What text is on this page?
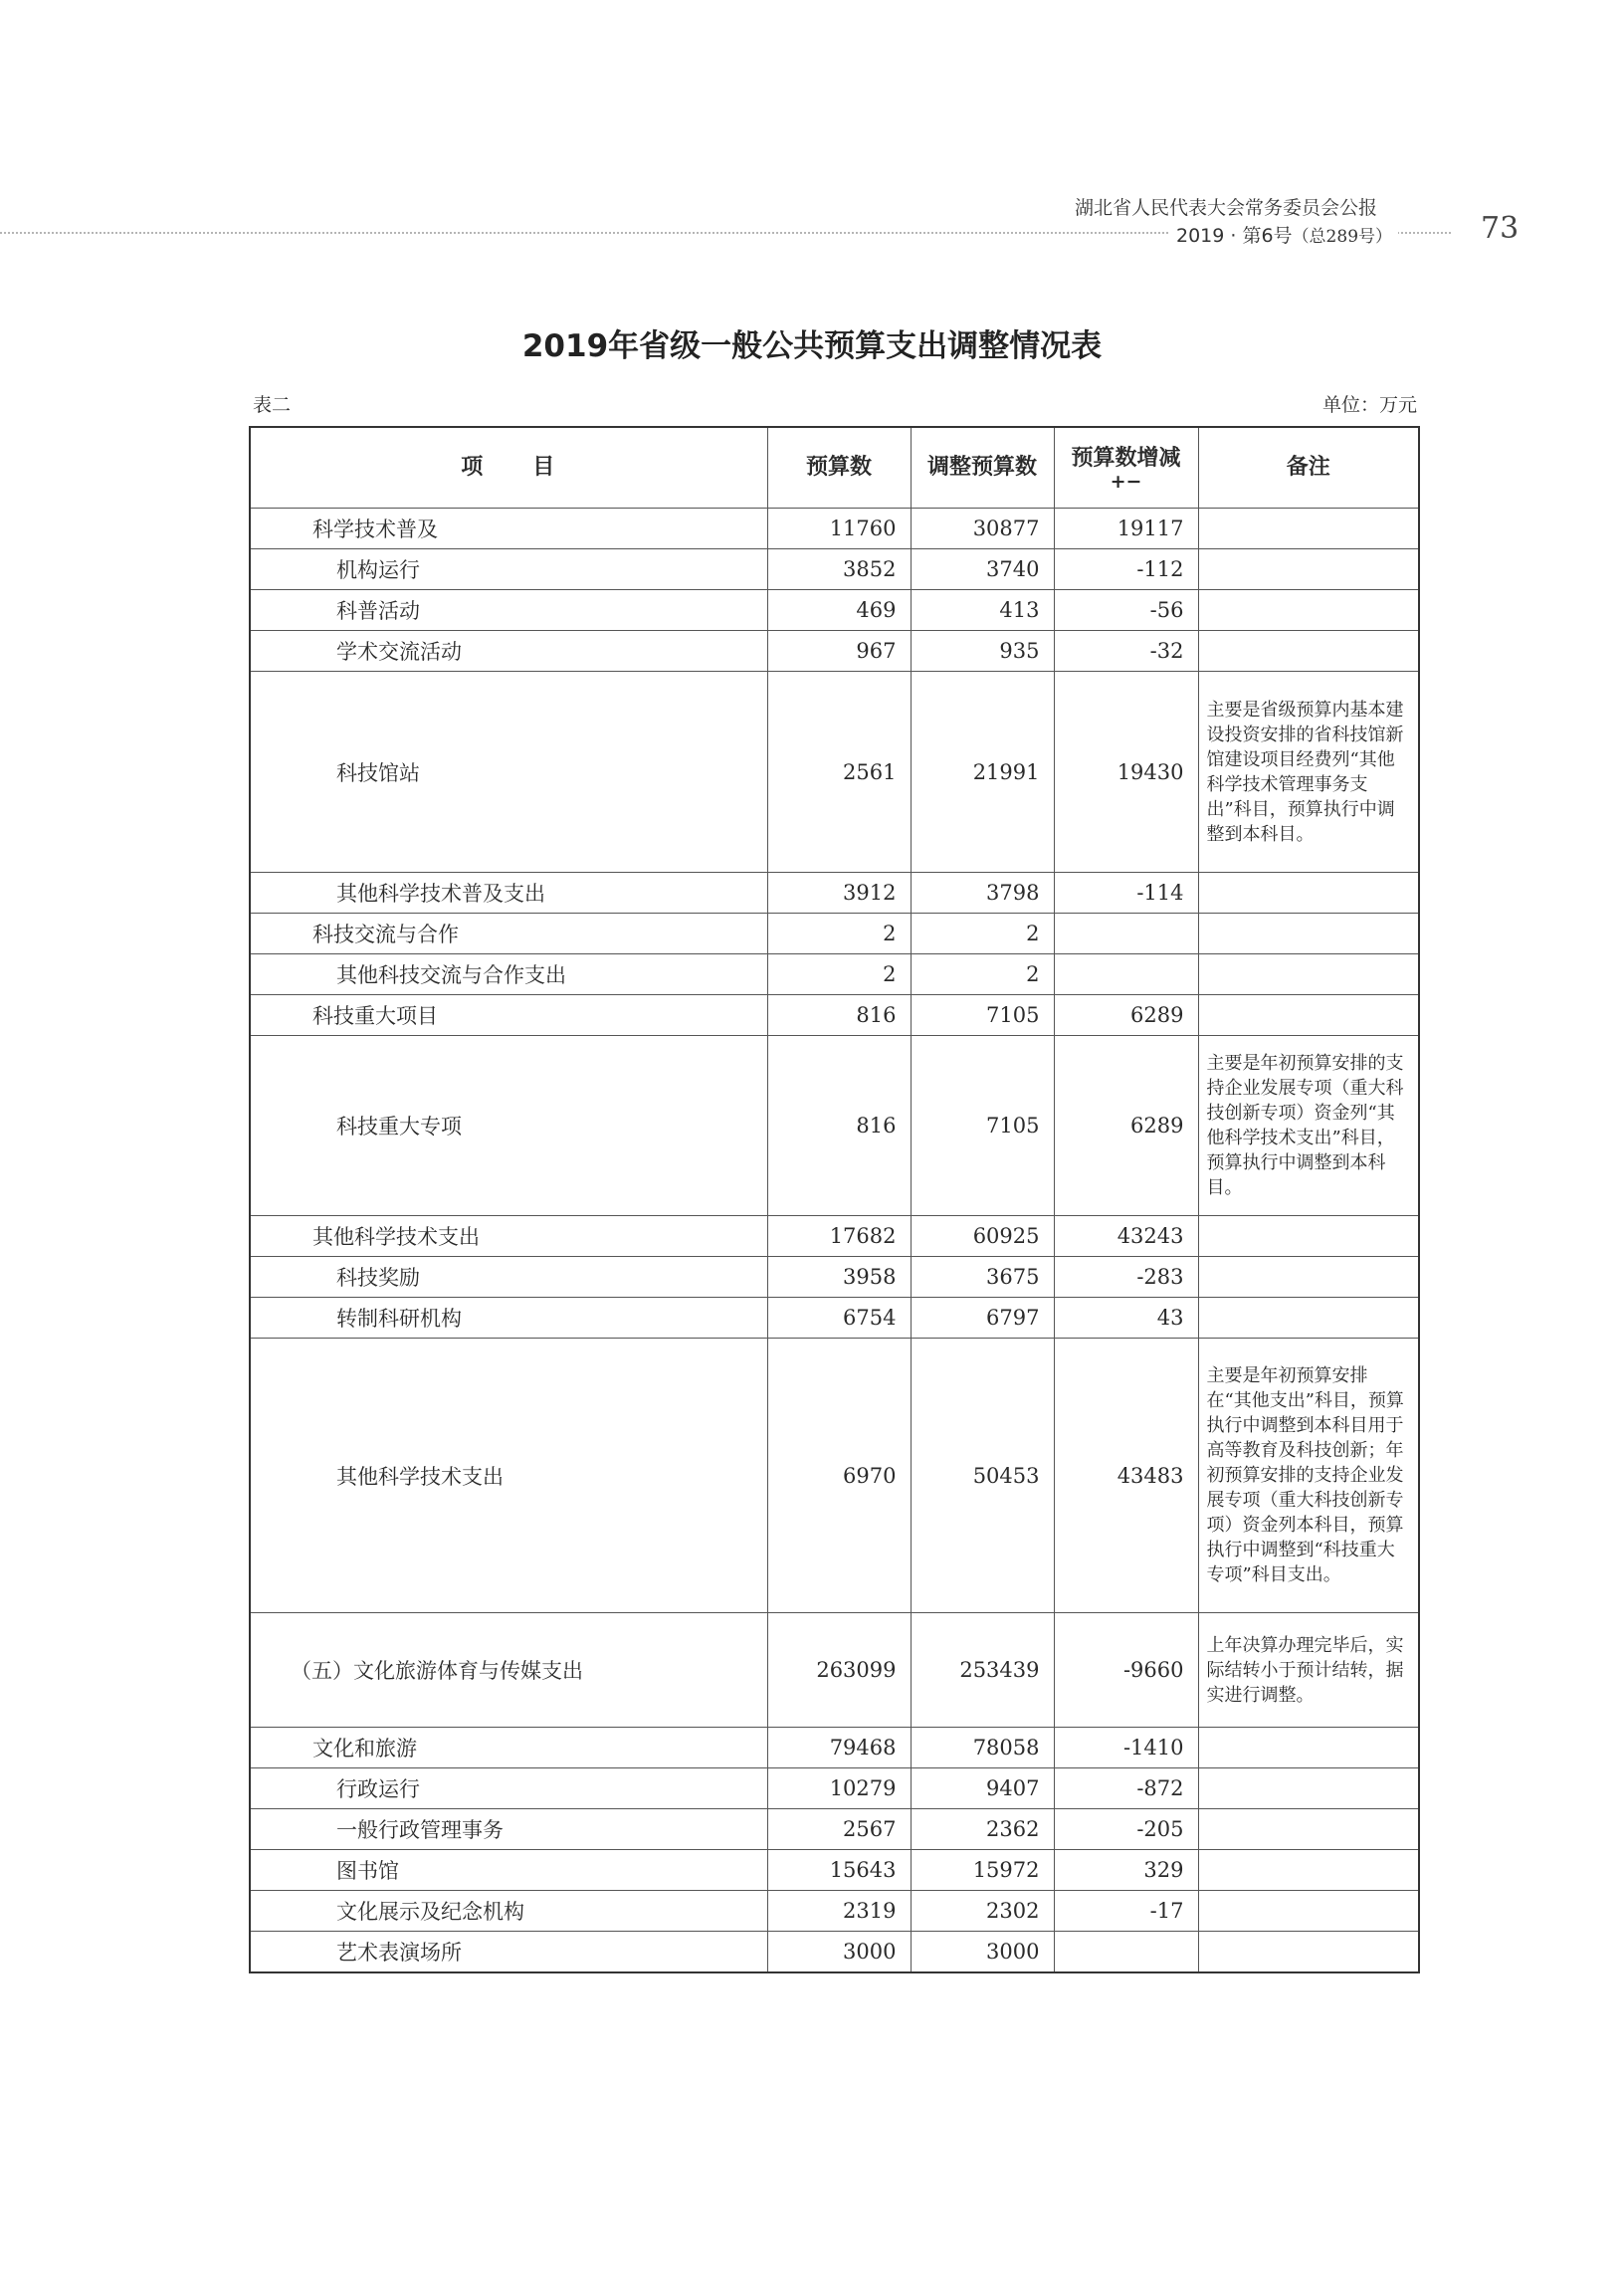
湖北省人民代表大会常务委员会公报
2019 · 第6号（总289号）	73
2019年省级一般公共预算支出调整情况表
表二	单位：万元
项　　目	预算数	调整预算数	预算数增减
+−	备注
科学技术普及	11760	30877	19117	
机构运行	3852	3740	-112	
科普活动	469	413	-56	
学术交流活动	967	935	-32	
科技馆站	2561	21991	19430	主要是省级预算内基本建设投资安排的省科技馆新馆建设项目经费列“其他科学技术管理事务支出”科目，预算执行中调整到本科目。
其他科学技术普及支出	3912	3798	-114	
科技交流与合作	2	2		
其他科技交流与合作支出	2	2		
科技重大项目	816	7105	6289	
科技重大专项	816	7105	6289	主要是年初预算安排的支持企业发展专项（重大科技创新专项）资金列“其他科学技术支出”科目，预算执行中调整到本科目。
其他科学技术支出	17682	60925	43243	
科技奖励	3958	3675	-283	
转制科研机构	6754	6797	43	
其他科学技术支出	6970	50453	43483	主要是年初预算安排在“其他支出”科目，预算执行中调整到本科目用于高等教育及科技创新；年初预算安排的支持企业发展专项（重大科技创新专项）资金列本科目，预算执行中调整到“科技重大专项”科目支出。
（五）文化旅游体育与传媒支出	263099	253439	-9660	上年决算办理完毕后，实际结转小于预计结转，据实进行调整。
文化和旅游	79468	78058	-1410	
行政运行	10279	9407	-872	
一般行政管理事务	2567	2362	-205	
图书馆	15643	15972	329	
文化展示及纪念机构	2319	2302	-17	
艺术表演场所	3000	3000		
